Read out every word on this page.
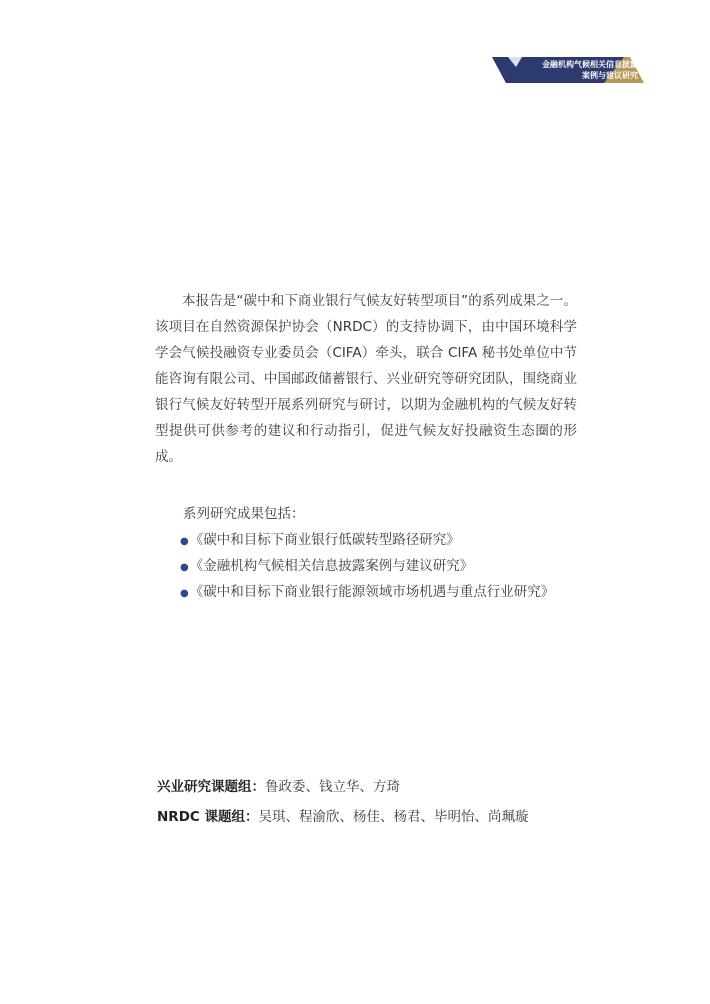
金融机构气候相关信息披露
案例与建议研究

本报告是“碳中和下商业银行气候友好转型项目”的系列成果之一。该项目在自然资源保护协会（NRDC）的支持协调下，由中国环境科学学会气候投融资专业委员会（CIFA）牵头，联合 CIFA 秘书处单位中节能咨询有限公司、中国邮政储蓄银行、兴业研究等研究团队，围绕商业银行气候友好转型开展系列研究与研讨，以期为金融机构的气候友好转型提供可供参考的建议和行动指引，促进气候友好投融资生态圈的形成。

系列研究成果包括：
●《碳中和目标下商业银行低碳转型路径研究》
●《金融机构气候相关信息披露案例与建议研究》
●《碳中和目标下商业银行能源领域市场机遇与重点行业研究》
兴业研究课题组：鲁政委、钱立华、方琦
NRDC 课题组：吴琪、程渝欣、杨佳、杨君、毕明怡、尚珮璇
